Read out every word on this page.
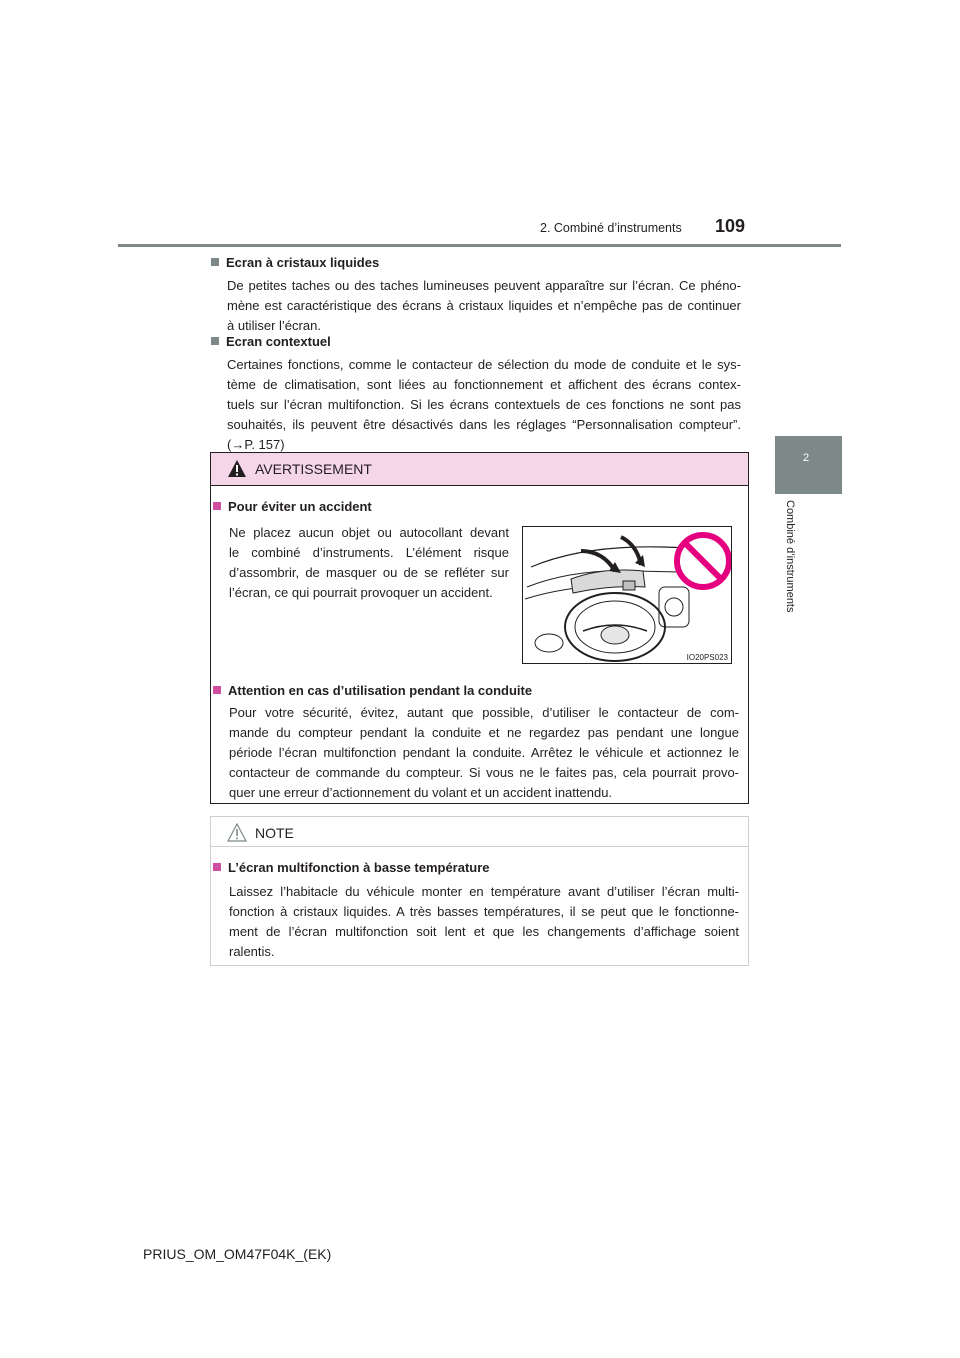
2. Combiné d’instruments 109
2
Combiné d’instruments
Ecran à cristaux liquides
De petites taches ou des taches lumineuses peuvent apparaître sur l’écran. Ce phéno-
mène est caractéristique des écrans à cristaux liquides et n’empêche pas de continuer
à utiliser l’écran.
Ecran contextuel
Certaines fonctions, comme le contacteur de sélection du mode de conduite et le sys-
tème de climatisation, sont liées au fonctionnement et affichent des écrans contex-
tuels sur l’écran multifonction. Si les écrans contextuels de ces fonctions ne sont pas
souhaités, ils peuvent être désactivés dans les réglages “Personnalisation compteur”.
(→P. 157)
AVERTISSEMENT
Pour éviter un accident
Ne placez aucun objet ou autocollant devant
le combiné d’instruments. L’élément risque
d’assombrir, de masquer ou de se refléter sur
l’écran, ce qui pourrait provoquer un accident.
Attention en cas d’utilisation pendant la conduite
Pour votre sécurité, évitez, autant que possible, d’utiliser le contacteur de com-
mande du compteur pendant la conduite et ne regardez pas pendant une longue
période l’écran multifonction pendant la conduite. Arrêtez le véhicule et actionnez le
contacteur de commande du compteur. Si vous ne le faites pas, cela pourrait provo-
quer une erreur d’actionnement du volant et un accident inattendu.
IO20PS023
NOTE
L’écran multifonction à basse température
Laissez l’habitacle du véhicule monter en température avant d’utiliser l’écran multi-
fonction à cristaux liquides. A très basses températures, il se peut que le fonctionne-
ment de l’écran multifonction soit lent et que les changements d’affichage soient
ralentis.
PRIUS_OM_OM47F04K_(EK)
